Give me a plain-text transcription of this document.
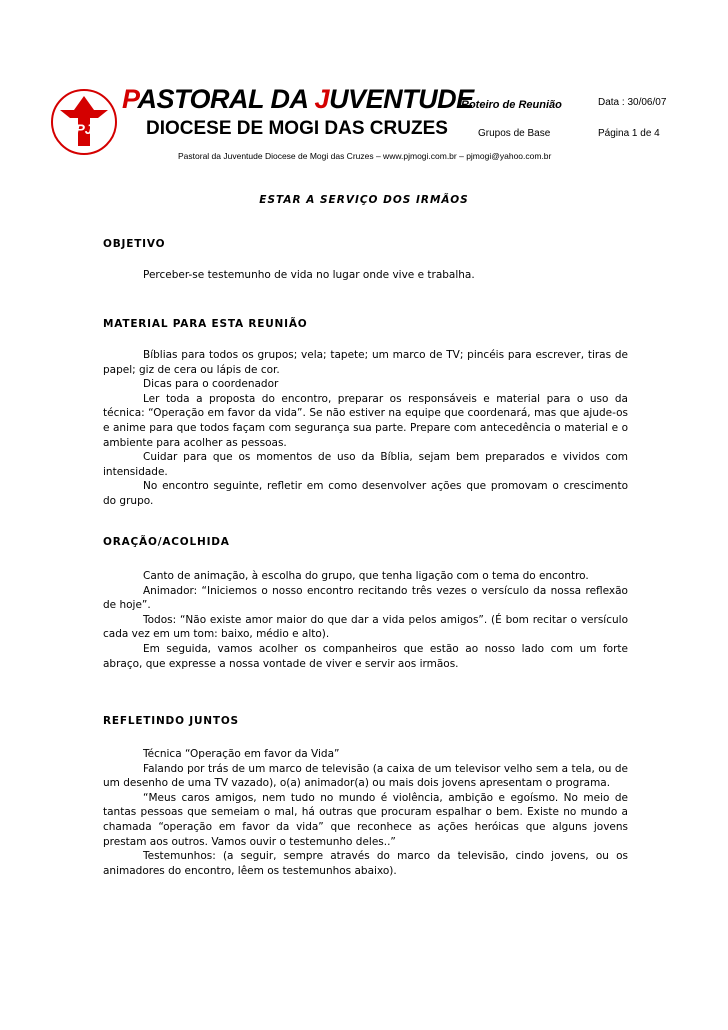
PJ
PASTORAL DA JUVENTUDE
DIOCESE DE MOGI DAS CRUZES
Pastoral da Juventude Diocese de Mogi das Cruzes – www.pjmogi.com.br – pjmogi@yahoo.com.br
Roteiro de Reunião	Data : 30/06/07
Grupos de Base	Página 1 de 4
ESTAR A SERVIÇO DOS IRMÃOS
OBJETIVO

Perceber-se testemunho de vida no lugar onde vive e trabalha.

MATERIAL PARA ESTA REUNIÃO

Bíblias para todos os grupos; vela; tapete; um marco de TV; pincéis para escrever, tiras de papel; giz de cera ou lápis de cor.

Dicas para o coordenador

Ler toda a proposta do encontro, preparar os responsáveis e material para o uso da técnica: “Operação em favor da vida”. Se não estiver na equipe que coordenará, mas que ajude-os e anime para que todos façam com segurança sua parte. Prepare com antecedência o material e o ambiente para acolher as pessoas.

Cuidar para que os momentos de uso da Bíblia, sejam bem preparados e vividos com intensidade.

No encontro seguinte, refletir em como desenvolver ações que promovam o crescimento do grupo.

ORAÇÃO/ACOLHIDA

Canto de animação, à escolha do grupo, que tenha ligação com o tema do encontro.

Animador: “Iniciemos o nosso encontro recitando três vezes o versículo da nossa reflexão de hoje”.

Todos: “Não existe amor maior do que dar a vida pelos amigos”. (É bom recitar o versículo cada vez em um tom: baixo, médio e alto).

Em seguida, vamos acolher os companheiros que estão ao nosso lado com um forte abraço, que expresse a nossa vontade de viver e servir aos irmãos.

REFLETINDO JUNTOS

Técnica “Operação em favor da Vida”

Falando por trás de um marco de televisão (a caixa de um televisor velho sem a tela, ou de um desenho de uma TV vazado), o(a) animador(a) ou mais dois jovens apresentam o programa.

“Meus caros amigos, nem tudo no mundo é violência, ambição e egoísmo. No meio de tantas pessoas que semeiam o mal, há outras que procuram espalhar o bem. Existe no mundo a chamada “operação em favor da vida” que reconhece as ações heróicas que alguns jovens prestam aos outros. Vamos ouvir o testemunho deles..”

Testemunhos: (a seguir, sempre através do marco da televisão, cindo jovens, ou os animadores do encontro, lêem os testemunhos abaixo).
